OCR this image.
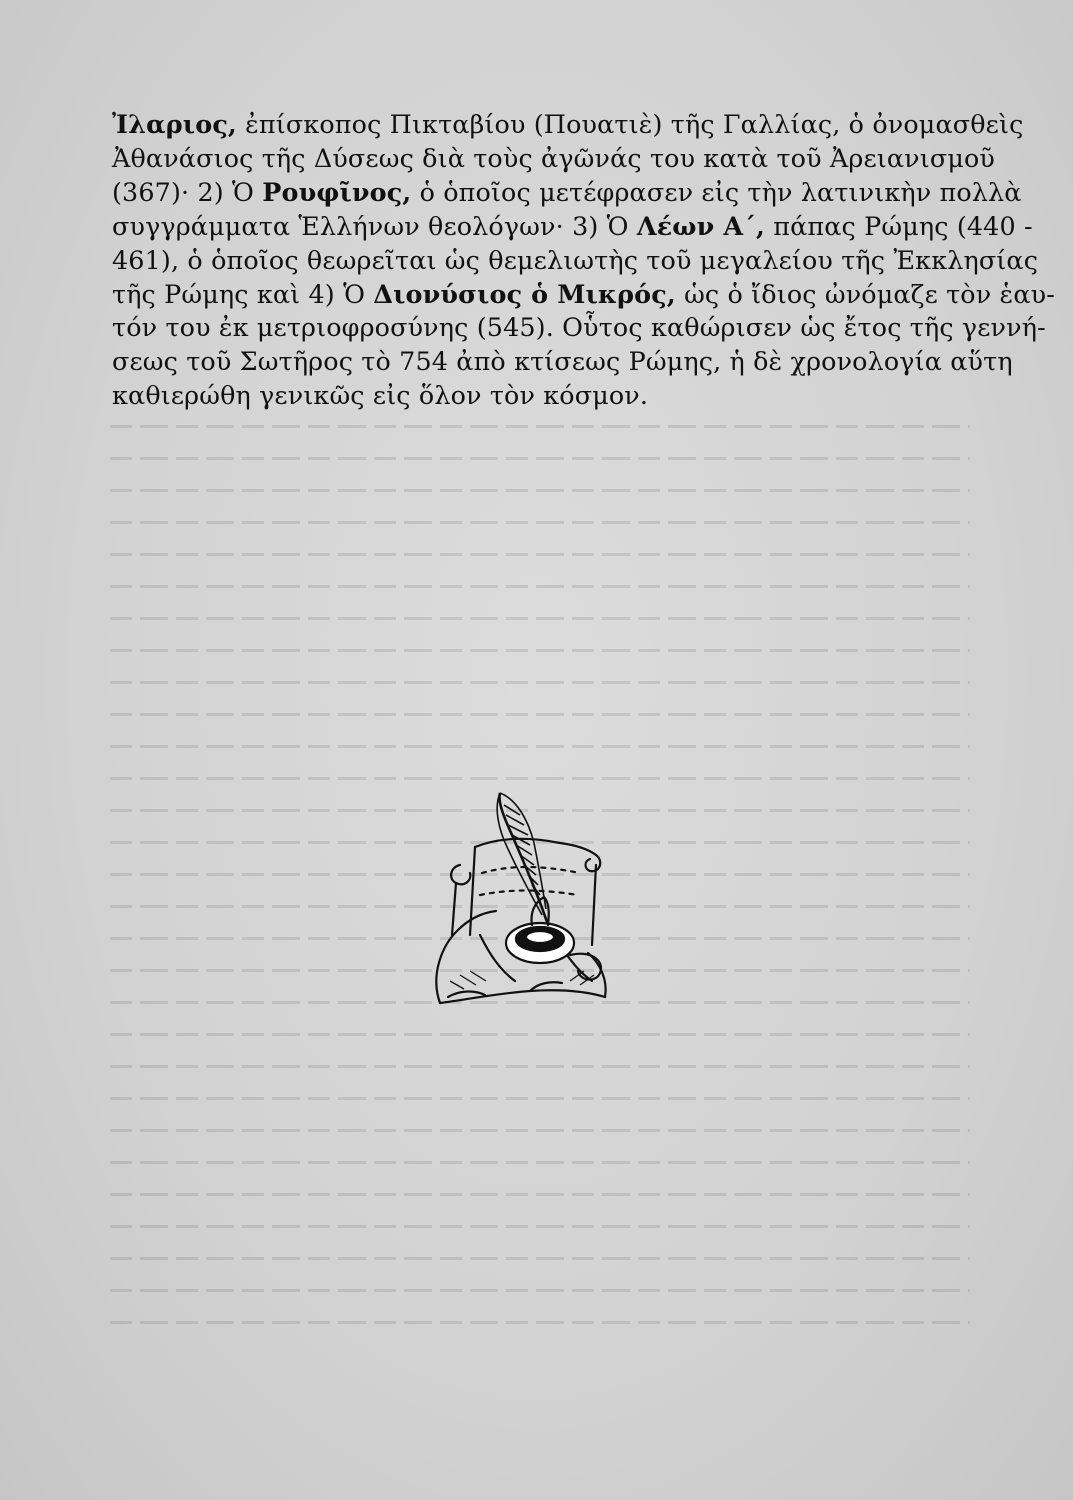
Ἰλαριος, ἐπίσκοπος Πικταβίου (Πουατιὲ) τῆς Γαλλίας, ὁ ὀνομασθεὶς
Ἀθανάσιος τῆς Δύσεως διὰ τοὺς ἀγῶνάς του κατὰ τοῦ Ἀρειανισμοῦ
(367)· 2) Ὁ Ρουφῖνος, ὁ ὁποῖος μετέφρασεν εἰς τὴν λατινικὴν πολλὰ
συγγράμματα Ἑλλήνων θεολόγων· 3) Ὁ Λέων Α΄, πάπας Ρώμης (440 -
461), ὁ ὁποῖος θεωρεῖται ὡς θεμελιωτὴς τοῦ μεγαλείου τῆς Ἐκκλησίας
τῆς Ρώμης καὶ 4) Ὁ Διονύσιος ὁ Μικρός, ὡς ὁ ἴδιος ὠνόμαζε τὸν ἑαυ-
τόν του ἐκ μετριοφροσύνης (545). Οὗτος καθώρισεν ὡς ἔτος τῆς γεννή-
σεως τοῦ Σωτῆρος τὸ 754 ἀπὸ κτίσεως Ρώμης, ἡ δὲ χρονολογία αὕτη
καθιερώθη γενικῶς εἰς ὅλον τὸν κόσμον.
